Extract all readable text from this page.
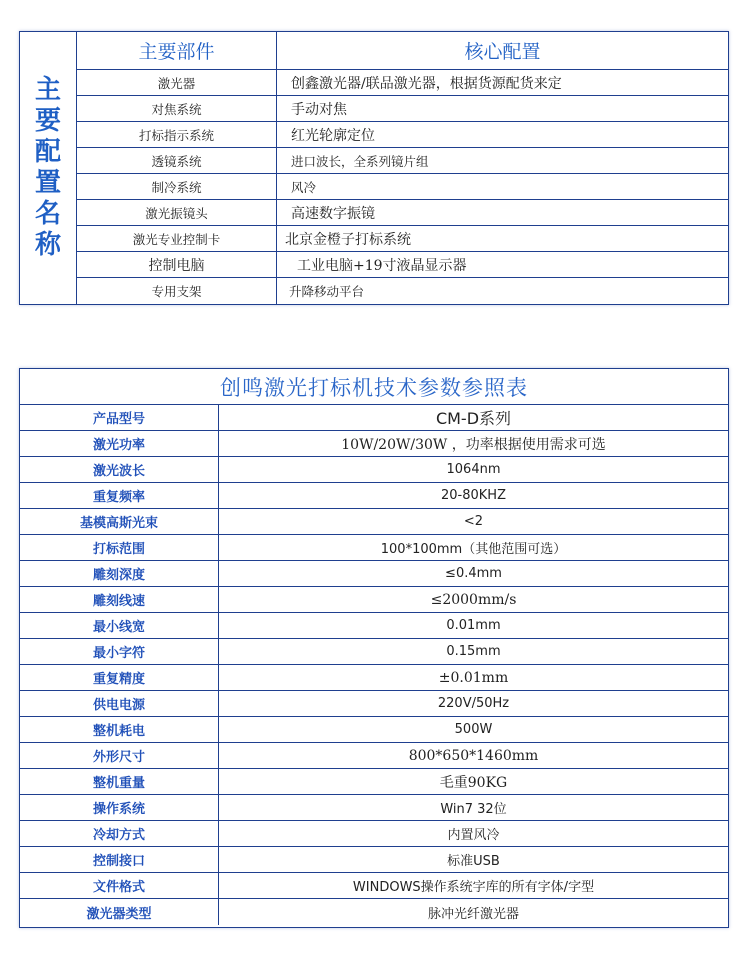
主
要
配
置
名
称
主要部件	核心配置
激光器	创鑫激光器/联品激光器，根据货源配货来定
对焦系统	手动对焦
打标指示系统	红光轮廓定位
透镜系统	进口波长，全系列镜片组
制冷系统	风冷
激光振镜头	高速数字振镜
激光专业控制卡	北京金橙子打标系统
控制电脑	工业电脑+19寸液晶显示器
专用支架	升降移动平台
创鸣激光打标机技术参数参照表
产品型号	CM-D系列
激光功率	10W/20W/30W ，功率根据使用需求可选
激光波长	1064nm
重复频率	20-80KHZ
基模高斯光束	<2
打标范围	100*100mm（其他范围可选）
雕刻深度	≤0.4mm
雕刻线速	≤2000mm/s
最小线宽	0.01mm
最小字符	0.15mm
重复精度	±0.01mm
供电电源	220V/50Hz
整机耗电	500W
外形尺寸	800*650*1460mm
整机重量	毛重90KG
操作系统	Win7 32位
冷却方式	内置风冷
控制接口	标准USB
文件格式	WINDOWS操作系统字库的所有字体/字型
激光器类型	脉冲光纤激光器
